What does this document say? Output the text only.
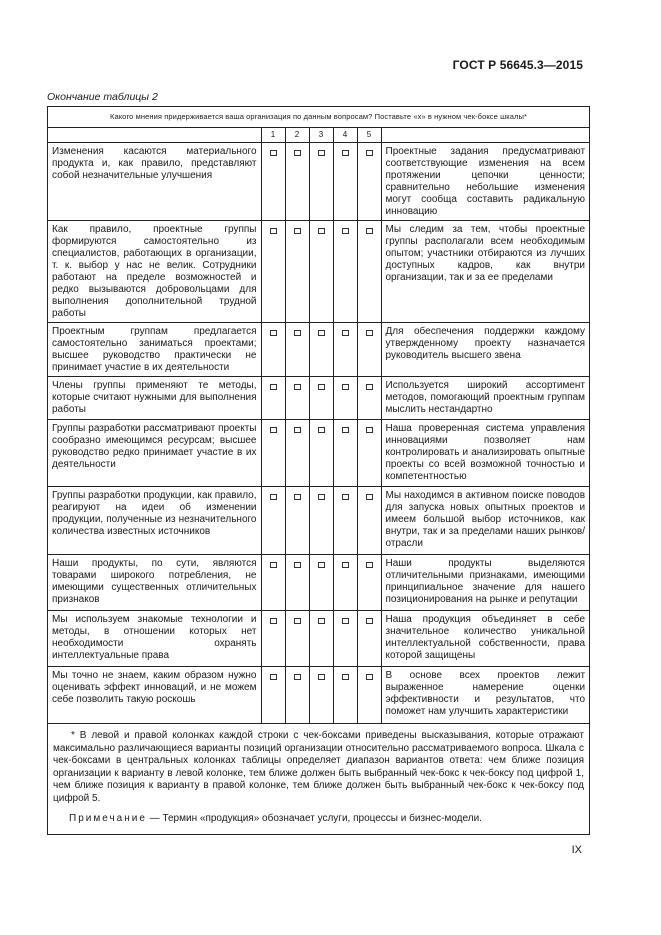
ГОСТ Р 56645.3—2015
Окончание таблицы 2
Какого мнения придерживается ваша организация по данным вопросам? Поставьте «х» в нужном чек-боксе шкалы*						
	1	2	3	4	5	
Изменения касаются материального продукта и, как правило, представляют собой незначительные улучшения						Проектные задания предусматривают соответствующие изменения на всем протяжении цепочки ценности; сравнительно небольшие изменения могут сообща составить радикальную инновацию
Как правило, проектные группы формируются самостоятельно из специалистов, работающих в организации, т. к. выбор у нас не велик. Сотрудники работают на пределе возможностей и редко вызываются добровольцами для выполнения дополнительной трудной работы						Мы следим за тем, чтобы проектные группы располагали всем необходимым опытом; участники отбираются из лучших доступных кадров, как внутри организации, так и за ее пределами
Проектным группам предлагается самостоятельно заниматься проектами; высшее руководство практически не принимает участие в их деятельности						Для обеспечения поддержки каждому утвержденному проекту назначается руководитель высшего звена
Члены группы применяют те методы, которые считают нужными для выполнения работы						Используется широкий ассортимент методов, помогающий проектным группам мыслить нестандартно
Группы разработки рассматривают проекты сообразно имеющимся ресурсам; высшее руководство редко принимает участие в их деятельности						Наша проверенная система управления инновациями позволяет нам контролировать и анализировать опытные проекты со всей возможной точностью и компетентностью
Группы разработки продукции, как правило, реагируют на идеи об изменении продукции, полученные из незначительного количества известных источников						Мы находимся в активном поиске поводов для запуска новых опытных проектов и имеем большой выбор источников, как внутри, так и за пределами наших рынков/отрасли
Наши продукты, по сути, являются товарами широкого потребления, не имеющими существенных отличительных признаков						Наши продукты выделяются отличительными признаками, имеющими принципиальное значение для нашего позиционирования на рынке и репутации
Мы используем знакомые технологии и методы, в отношении которых нет необходимости охранять интеллектуальные права						Наша продукция объединяет в себе значительное количество уникальной интеллектуальной собственности, права которой защищены
Мы точно не знаем, каким образом нужно оценивать эффект инноваций, и не можем себе позволить такую роскошь						В основе всех проектов лежит выраженное намерение оценки эффективности и результатов, что поможет нам улучшить характеристики
* В левой и правой колонках каждой строки с чек-боксами приведены высказывания, которые отражают максимально различающиеся варианты позиций организации относительно рассматриваемого вопроса. Шкала с чек-боксами в центральных колонках таблицы определяет диапазон вариантов ответа: чем ближе позиция организации к варианту в левой колонке, тем ближе должен быть выбранный чек-бокс к чек-боксу под цифрой 1, чем ближе позиция к варианту в правой колонке, тем ближе должен быть выбранный чек-бокс к чек-боксу под цифрой 5.
Примечание — Термин «продукция» обозначает услуги, процессы и бизнес-модели.
IX
